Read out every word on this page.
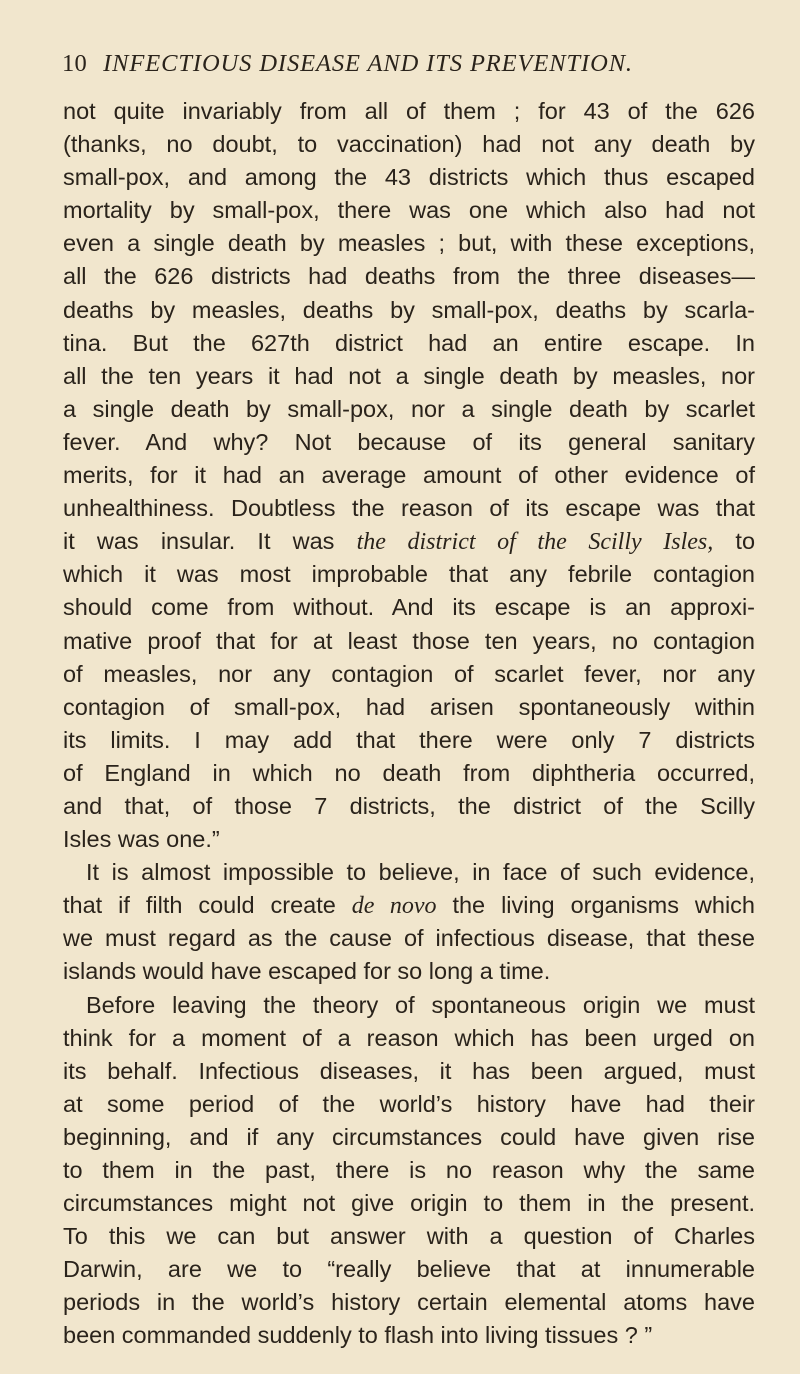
10 INFECTIOUS DISEASE AND ITS PREVENTION.
not quite invariably from all of them ; for 43 of the 626
(thanks, no doubt, to vaccination) had not any death by
small-pox, and among the 43 districts which thus escaped
mortality by small-pox, there was one which also had not
even a single death by measles ; but, with these exceptions,
all the 626 districts had deaths from the three diseases—
deaths by measles, deaths by small-pox, deaths by scarla-
tina. But the 627th district had an entire escape. In
all the ten years it had not a single death by measles, nor
a single death by small-pox, nor a single death by scarlet
fever. And why? Not because of its general sanitary
merits, for it had an average amount of other evidence of
unhealthiness. Doubtless the reason of its escape was that
it was insular. It was the district of the Scilly Isles, to
which it was most improbable that any febrile contagion
should come from without. And its escape is an approxi-
mative proof that for at least those ten years, no contagion
of measles, nor any contagion of scarlet fever, nor any
contagion of small-pox, had arisen spontaneously within
its limits. I may add that there were only 7 districts
of England in which no death from diphtheria occurred,
and that, of those 7 districts, the district of the Scilly
Isles was one.”
It is almost impossible to believe, in face of such evidence,
that if filth could create de novo the living organisms which
we must regard as the cause of infectious disease, that these
islands would have escaped for so long a time.
Before leaving the theory of spontaneous origin we must
think for a moment of a reason which has been urged on
its behalf. Infectious diseases, it has been argued, must
at some period of the world’s history have had their
beginning, and if any circumstances could have given rise
to them in the past, there is no reason why the same
circumstances might not give origin to them in the present.
To this we can but answer with a question of Charles
Darwin, are we to “really believe that at innumerable
periods in the world’s history certain elemental atoms have
been commanded suddenly to flash into living tissues ? ”
